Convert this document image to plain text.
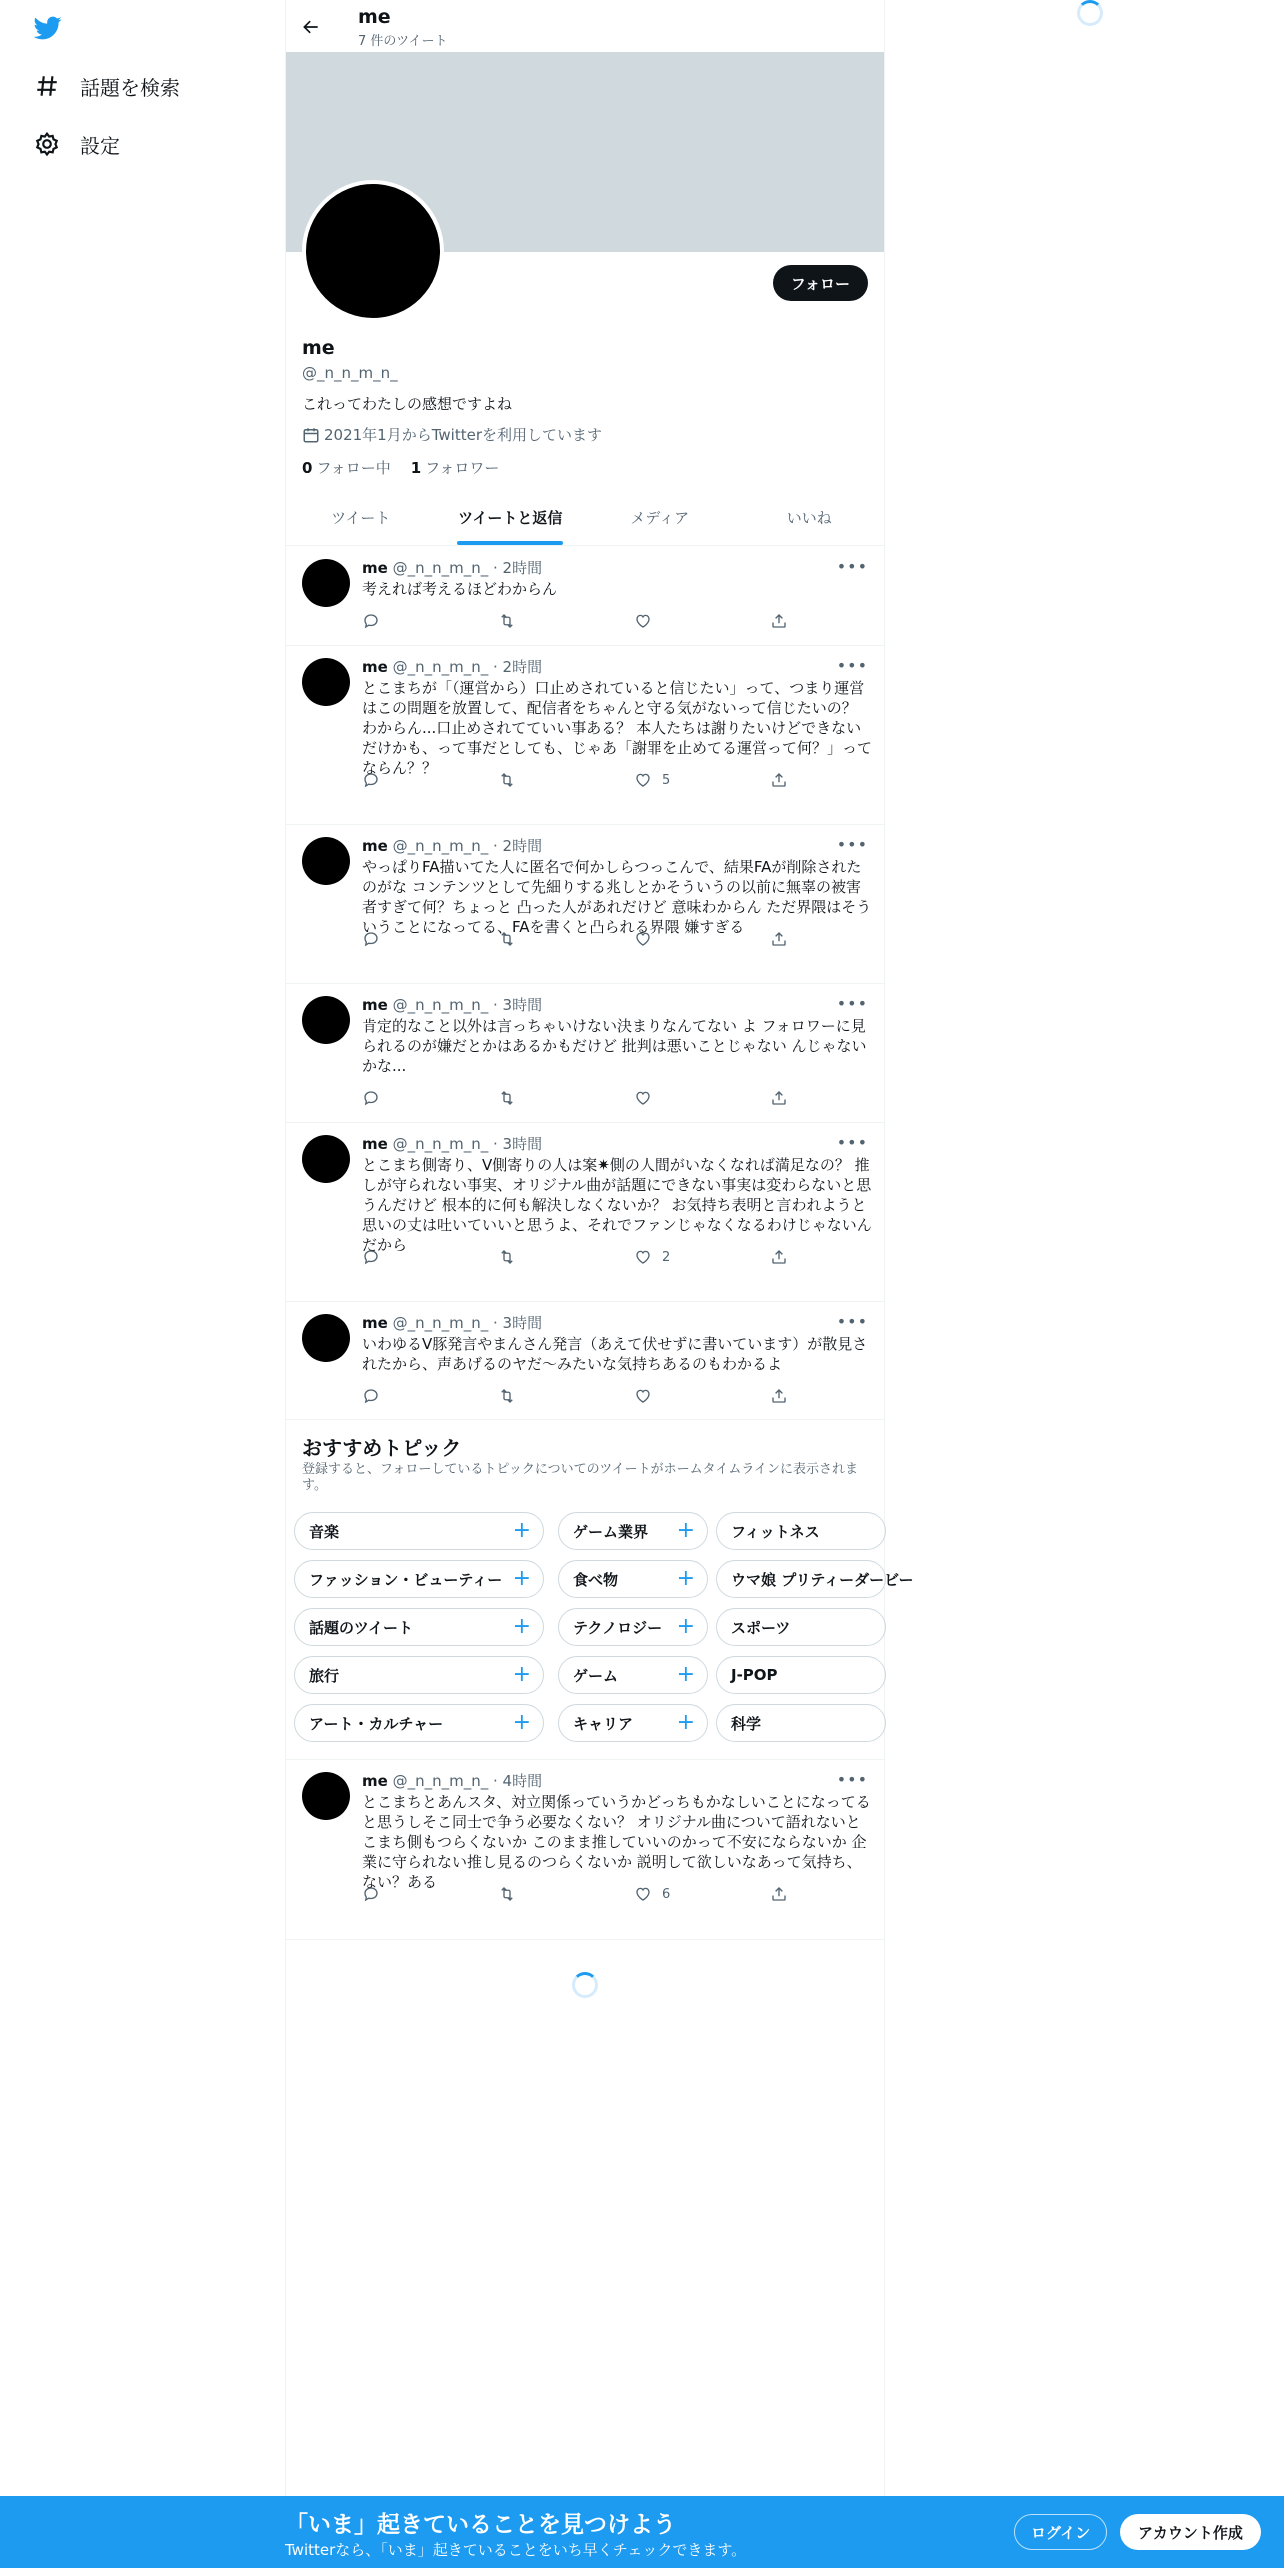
話題を検索
設定
me
7 件のツイート
フォロー
me
@_n_n_m_n_
これってわたしの感想ですよね
2021年1月からTwitterを利用しています
0 フォロー中 1 フォロワー
ツイート	ツイートと返信	メディア	いいね
me @_n_n_m_n_ · 2時間	•••
考えれば考えるほどわからん
me @_n_n_m_n_ · 2時間	•••
とこまちが「（運営から）口止めされていると信じたい」って、つまり運営はこの問題を放置して、配信者をちゃんと守る気がないって信じたいの？ わからん...口止めされてていい事ある？ 本人たちは謝りたいけどできないだけかも、って事だとしても、じゃあ「謝罪を止めてる運営って何？」ってならん？？
5
me @_n_n_m_n_ · 2時間	•••
やっぱりFA描いてた人に匿名で何かしらつっこんで、結果FAが削除されたのがな コンテンツとして先細りする兆しとかそういうの以前に無辜の被害者すぎて何？ちょっと 凸った人があれだけど 意味わからん ただ界隈はそういうことになってる、FAを書くと凸られる界隈 嫌すぎる
me @_n_n_m_n_ · 3時間	•••
肯定的なこと以外は言っちゃいけない決まりなんてない よ フォロワーに見られるのが嫌だとかはあるかもだけど 批判は悪いことじゃない んじゃないかな...
me @_n_n_m_n_ · 3時間	•••
とこまち側寄り、V側寄りの人は案✷側の人間がいなくなれば満足なの？ 推しが守られない事実、オリジナル曲が話題にできない事実は変わらないと思うんだけど 根本的に何も解決しなくないか？ お気持ち表明と言われようと思いの丈は吐いていいと思うよ、それでファンじゃなくなるわけじゃないんだから
2
me @_n_n_m_n_ · 3時間	•••
いわゆるV豚発言やまんさん発言（あえて伏せずに書いています）が散見されたから、声あげるのヤだ〜みたいな気持ちあるのもわかるよ
おすすめトピック
登録すると、フォローしているトピックについてのツイートがホームタイムラインに表示されます。
音楽	+	ゲーム業界 + フィットネス
ファッション・ビューティー +	食べ物	+ ウマ娘 プリティーダービー
話題のツイート	+	テクノロジー + スポーツ
旅行	+	ゲーム	+ J-POP
アート・カルチャー	+	キャリア + 科学
me @_n_n_m_n_ · 4時間	•••
とこまちとあんスタ、対立関係っていうかどっちもかなしいことになってると思うしそこ同士で争う必要なくない？ オリジナル曲について語れないとこまち側もつらくないか このまま推していいのかって不安にならないか 企業に守られない推し見るのつらくないか 説明して欲しいなあって気持ち、ない？ある
6
「いま」起きていることを見つけよう
Twitterなら、「いま」起きていることをいち早くチェックできます。
ログイン	アカウント作成
